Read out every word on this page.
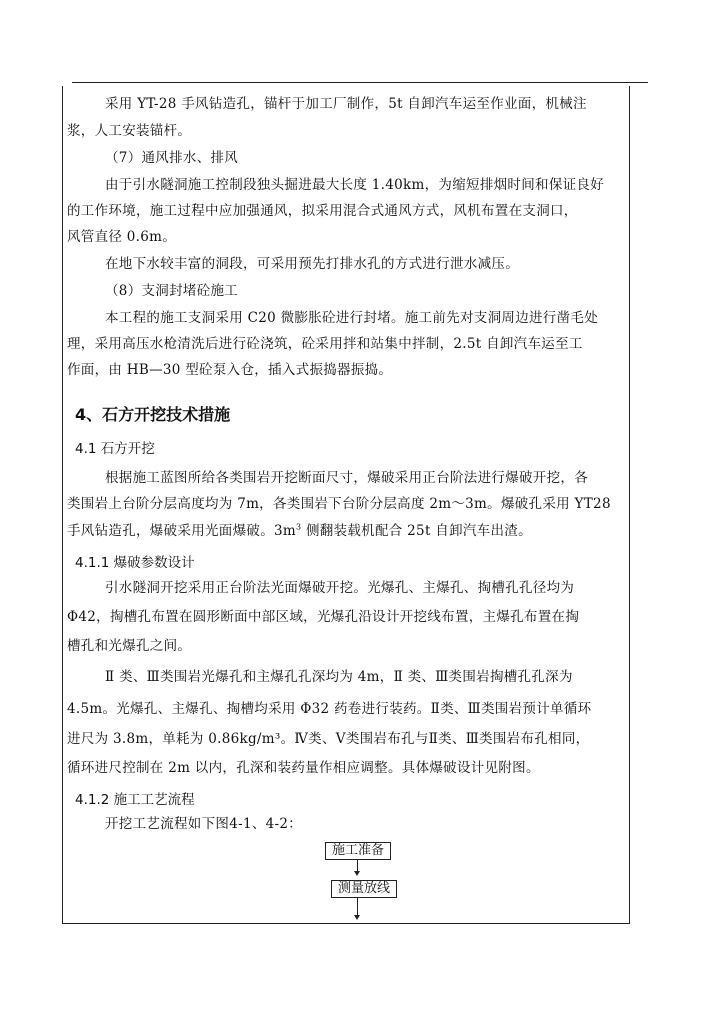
采用 YT-28 手风钻造孔，锚杆于加工厂制作，5t 自卸汽车运至作业面，机械注
浆，人工安装锚杆。
（7）通风排水、排风
由于引水隧洞施工控制段独头掘进最大长度 1.40km，为缩短排烟时间和保证良好
的工作环境，施工过程中应加强通风，拟采用混合式通风方式，风机布置在支洞口，
风管直径 0.6m。
在地下水较丰富的洞段，可采用预先打排水孔的方式进行泄水减压。
（8）支洞封堵砼施工
本工程的施工支洞采用 C20 微膨胀砼进行封堵。施工前先对支洞周边进行凿毛处
理，采用高压水枪清洗后进行砼浇筑，砼采用拌和站集中拌制，2.5t 自卸汽车运至工
作面，由 HB—30 型砼泵入仓，插入式振捣器振捣。
4、石方开挖技术措施
4.1 石方开挖
根据施工蓝图所给各类围岩开挖断面尺寸，爆破采用正台阶法进行爆破开挖，各
类围岩上台阶分层高度均为 7m，各类围岩下台阶分层高度 2m～3m。爆破孔采用 YT28
手风钻造孔，爆破采用光面爆破。$3m^3$ 侧翻装载机配合 25t 自卸汽车出渣。
4.1.1 爆破参数设计
引水隧洞开挖采用正台阶法光面爆破开挖。光爆孔、主爆孔、掏槽孔孔径均为
Φ42，掏槽孔布置在圆形断面中部区域，光爆孔沿设计开挖线布置，主爆孔布置在掏
槽孔和光爆孔之间。
Ⅱ 类、Ⅲ类围岩光爆孔和主爆孔孔深均为 4m，Ⅱ 类、Ⅲ类围岩掏槽孔孔深为
4.5m。光爆孔、主爆孔、掏槽均采用 Φ32 药卷进行装药。Ⅱ类、Ⅲ类围岩预计单循环
进尺为 3.8m，单耗为 0.86kg/m³。Ⅳ类、Ⅴ类围岩布孔与Ⅱ类、Ⅲ类围岩布孔相同，
循环进尺控制在 2m 以内，孔深和装药量作相应调整。具体爆破设计见附图。
4.1.2 施工工艺流程
开挖工艺流程如下图4-1、4-2：
施工准备
测量放线
